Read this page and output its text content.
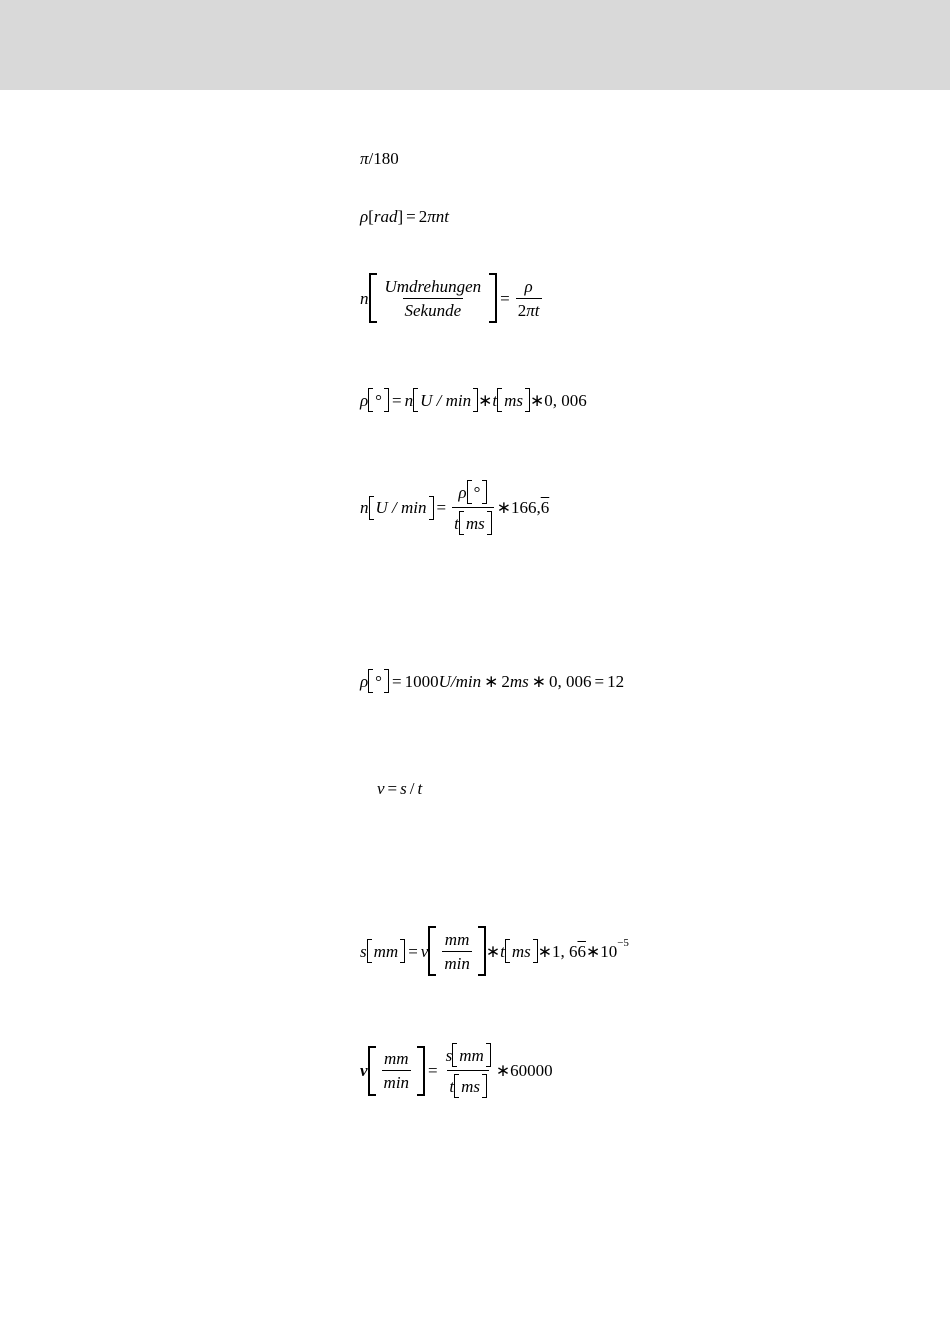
π /180
ρ [ rad ] = 2 π nt
n $\frac{\text{Umdrehungen}}{\text{Sekunde}} = \frac{\rho}{\text{2 π t}}$
ρ ° = n U / min ∗ t ms ∗ 0, 006
n $U / \min = \frac{\rho ^\circ}{\text{t ms}}$ ∗ 166, 6
ρ ° = 1000 U/min ∗ 2 ms ∗ 0, 006 = 12
v = s / t
s mm = v $\frac{mm}{\min}$ ∗ t ms ∗ 1, 6 6 ∗ 10 −5
v $\frac{mm}{\min} = \frac{\text{s mm}}{\text{t ms}}$ ∗ 60000
